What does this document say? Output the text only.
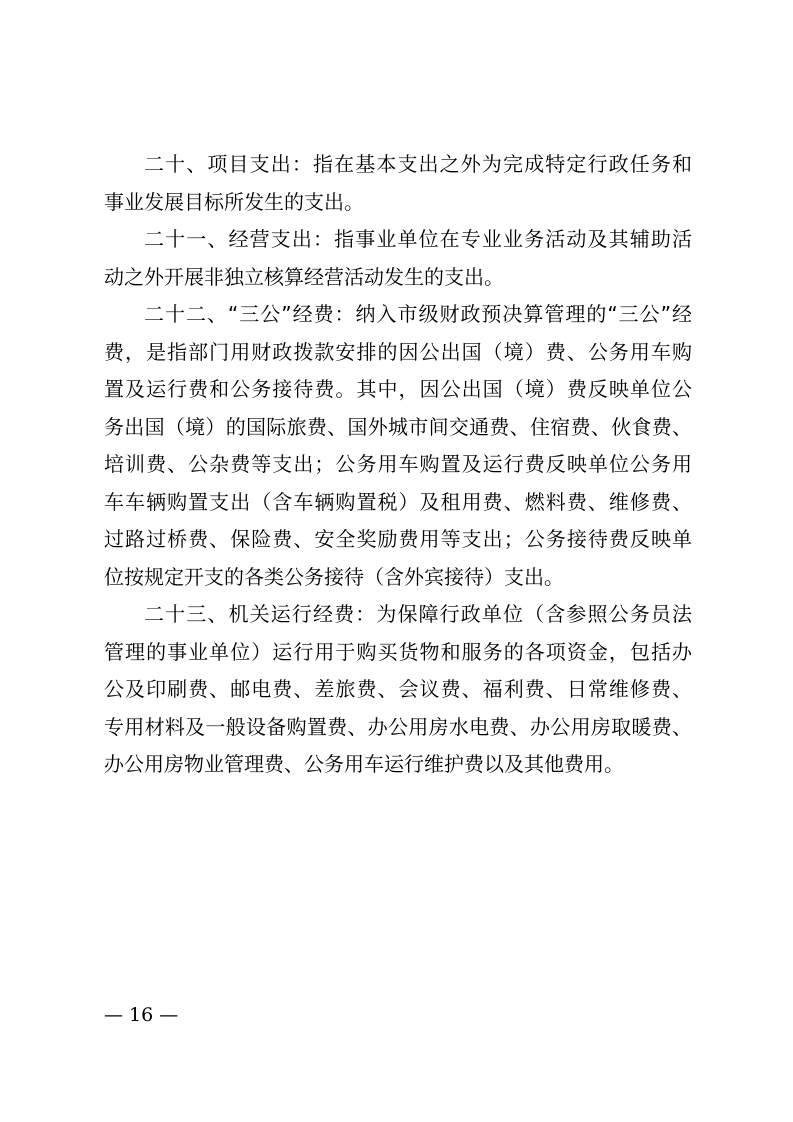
二十、项目支出：指在基本支出之外为完成特定行政任务和
事业发展目标所发生的支出。
二十一、经营支出：指事业单位在专业业务活动及其辅助活
动之外开展非独立核算经营活动发生的支出。
二十二、“三公”经费：纳入市级财政预决算管理的“三公”经
费，是指部门用财政拨款安排的因公出国（境）费、公务用车购
置及运行费和公务接待费。其中，因公出国（境）费反映单位公
务出国（境）的国际旅费、国外城市间交通费、住宿费、伙食费、
培训费、公杂费等支出；公务用车购置及运行费反映单位公务用
车车辆购置支出（含车辆购置税）及租用费、燃料费、维修费、
过路过桥费、保险费、安全奖励费用等支出；公务接待费反映单
位按规定开支的各类公务接待（含外宾接待）支出。
二十三、机关运行经费：为保障行政单位（含参照公务员法
管理的事业单位）运行用于购买货物和服务的各项资金，包括办
公及印刷费、邮电费、差旅费、会议费、福利费、日常维修费、
专用材料及一般设备购置费、办公用房水电费、办公用房取暖费、
办公用房物业管理费、公务用车运行维护费以及其他费用。
— 16 —
